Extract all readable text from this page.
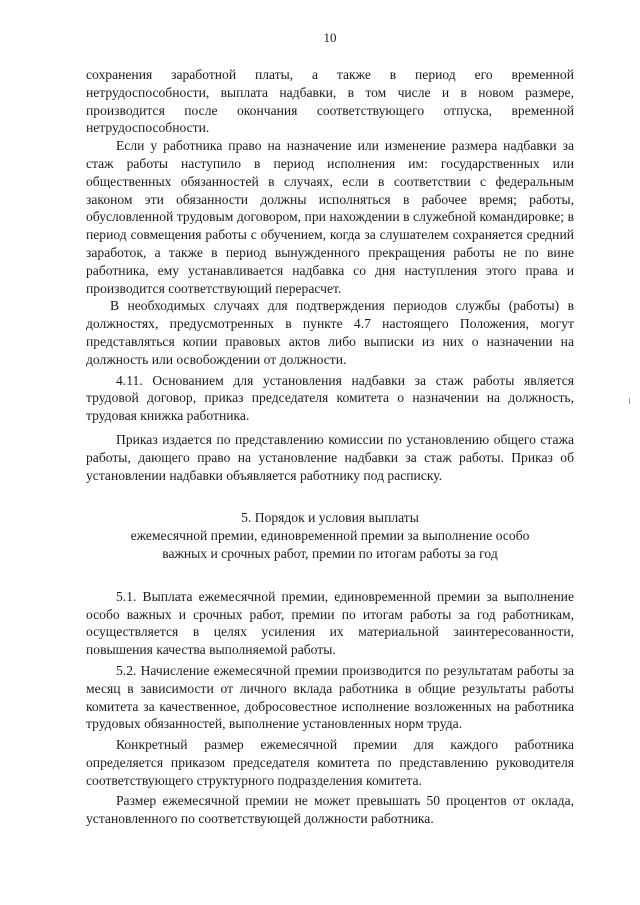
10

сохранения заработной платы, а также в период его временной нетрудоспособности, выплата надбавки, в том числе и в новом размере, производится после окончания соответствующего отпуска, временной нетрудоспособности.

Если у работника право на назначение или изменение размера надбавки за стаж работы наступило в период исполнения им: государственных или общественных обязанностей в случаях, если в соответствии с федеральным законом эти обязанности должны исполняться в рабочее время; работы, обусловленной трудовым договором, при нахождении в служебной командировке; в период совмещения работы с обучением, когда за слушателем сохраняется средний заработок, а также в период вынужденного прекращения работы не по вине работника, ему устанавливается надбавка со дня наступления этого права и производится соответствующий перерасчет.

В необходимых случаях для подтверждения периодов службы (работы) в должностях, предусмотренных в пункте 4.7 настоящего Положения, могут представляться копии правовых актов либо выписки из них о назначении на должность или освобождении от должности.

4.11. Основанием для установления надбавки за стаж работы является трудовой договор, приказ председателя комитета о назначении на должность, трудовая книжка работника.

Приказ издается по представлению комиссии по установлению общего стажа работы, дающего право на установление надбавки за стаж работы. Приказ об установлении надбавки объявляется работнику под расписку.

5. Порядок и условия выплаты
ежемесячной премии, единовременной премии за выполнение особо
важных и срочных работ, премии по итогам работы за год

5.1. Выплата ежемесячной премии, единовременной премии за выполнение особо важных и срочных работ, премии по итогам работы за год работникам, осуществляется в целях усиления их материальной заинтересованности, повышения качества выполняемой работы.

5.2. Начисление ежемесячной премии производится по результатам работы за месяц в зависимости от личного вклада работника в общие результаты работы комитета за качественное, добросовестное исполнение возложенных на работника трудовых обязанностей, выполнение установленных норм труда.

Конкретный размер ежемесячной премии для каждого работника определяется приказом председателя комитета по представлению руководителя соответствующего структурного подразделения комитета.

Размер ежемесячной премии не может превышать 50 процентов от оклада, установленного по соответствующей должности работника.
